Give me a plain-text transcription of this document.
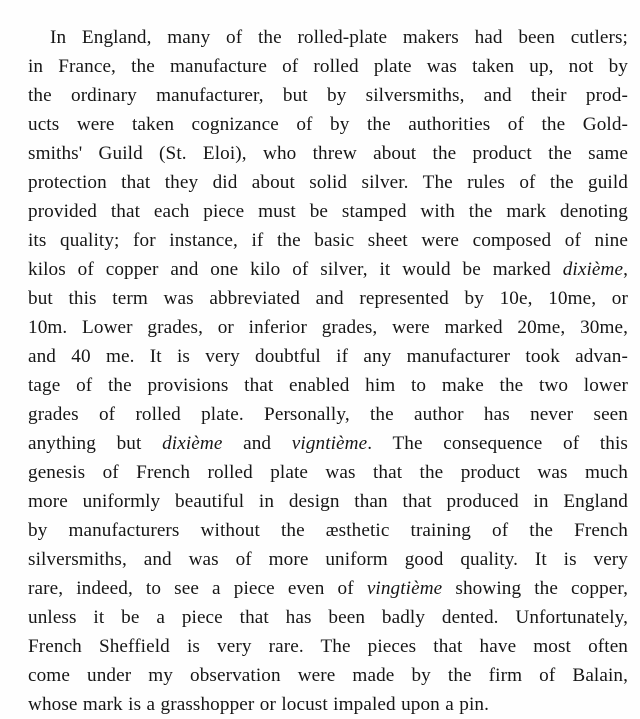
In England, many of the rolled-plate makers had been cutlers;
in France, the manufacture of rolled plate was taken up, not by
the ordinary manufacturer, but by silversmiths, and their prod-
ucts were taken cognizance of by the authorities of the Gold-
smiths' Guild (St. Eloi), who threw about the product the same
protection that they did about solid silver. The rules of the guild
provided that each piece must be stamped with the mark denoting
its quality; for instance, if the basic sheet were composed of nine
kilos of copper and one kilo of silver, it would be marked dixième,
but this term was abbreviated and represented by 10e, 10me, or
10m. Lower grades, or inferior grades, were marked 20me, 30me,
and 40 me. It is very doubtful if any manufacturer took advan-
tage of the provisions that enabled him to make the two lower
grades of rolled plate. Personally, the author has never seen
anything but dixième and vigntième. The consequence of this
genesis of French rolled plate was that the product was much
more uniformly beautiful in design than that produced in England
by manufacturers without the æsthetic training of the French
silversmiths, and was of more uniform good quality. It is very
rare, indeed, to see a piece even of vingtième showing the copper,
unless it be a piece that has been badly dented. Unfortunately,
French Sheffield is very rare. The pieces that have most often
come under my observation were made by the firm of Balain,
whose mark is a grasshopper or locust impaled upon a pin.
